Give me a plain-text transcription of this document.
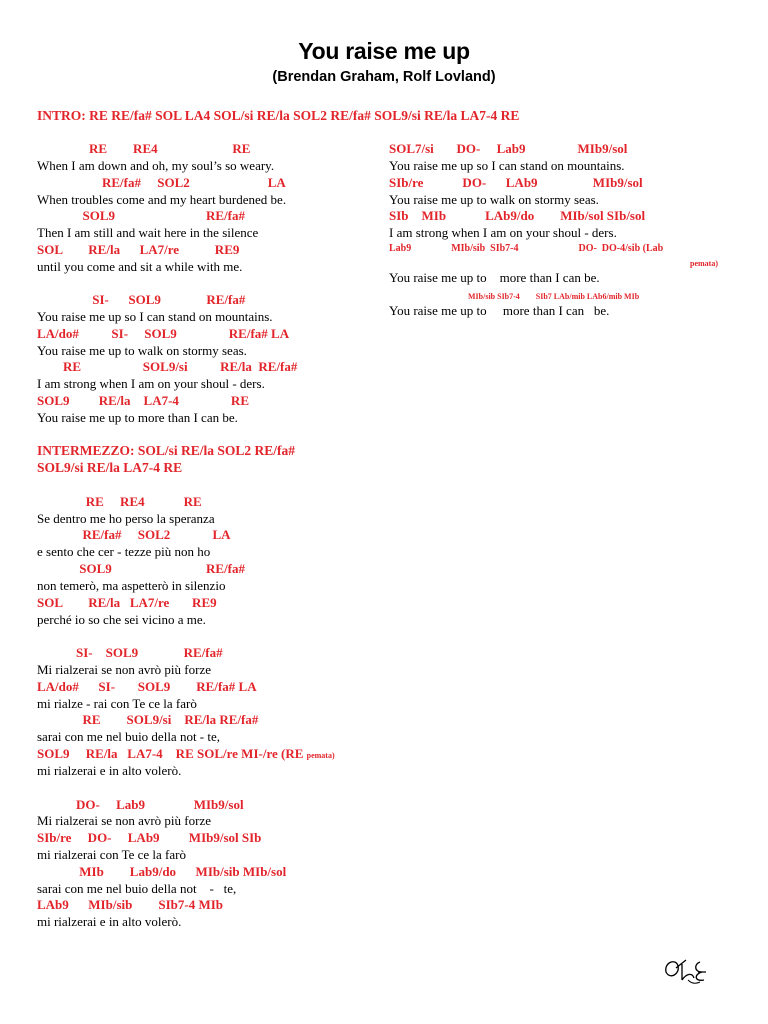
You raise me up
(Brendan Graham, Rolf Lovland)
INTRO: RE RE/fa# SOL LA4 SOL/si RE/la SOL2 RE/fa# SOL9/si RE/la LA7-4 RE
RE        RE4                       RE
When I am down and oh, my soul’s so weary.
RE/fa#     SOL2                        LA
When troubles come and my heart burdened be.
SOL9                            RE/fa#
Then I am still and wait here in the silence
SOL        RE/la      LA7/re           RE9
until you come and sit a while with me.
SI-      SOL9              RE/fa#
You raise me up so I can stand on mountains.
LA/do#          SI-     SOL9                RE/fa# LA
You raise me up to walk on stormy seas.
RE                   SOL9/si          RE/la  RE/fa#
I am strong when I am on your shoul - ders.
SOL9         RE/la    LA7-4                RE
You raise me up to more than I can be.
INTERMEZZO: SOL/si RE/la SOL2 RE/fa#
SOL9/si RE/la LA7-4 RE
RE     RE4            RE
Se dentro me ho perso la speranza
RE/fa#     SOL2             LA
e sento che cer - tezze più non ho
SOL9                             RE/fa#
non temerò, ma aspetterò in silenzio
SOL        RE/la   LA7/re       RE9
perché io so che sei vicino a me.
SI-    SOL9              RE/fa#
Mi rialzerai se non avrò più forze
LA/do#      SI-       SOL9        RE/fa# LA
mi rialze - rai con Te ce la farò
RE        SOL9/si    RE/la RE/fa#
sarai con me nel buio della not - te,
SOL9     RE/la   LA7-4    RE SOL/re MI-/re (RE pemata)
mi rialzerai e in alto volerò.
DO-     Lab9               MIb9/sol
Mi rialzerai se non avrò più forze
SIb/re     DO-     LAb9         MIb9/sol SIb
mi rialzerai con Te ce la farò
MIb        Lab9/do      MIb/sib MIb/sol
sarai con me nel buio della not    -   te,
LAb9      MIb/sib        SIb7-4 MIb
mi rialzerai e in alto volerò.
SOL7/si       DO-     Lab9                MIb9/sol
You raise me up so I can stand on mountains.
SIb/re            DO-      LAb9                 MIb9/sol
You raise me up to walk on stormy seas.
SIb    MIb            LAb9/do        MIb/sol SIb/sol
I am strong when I am on your shoul - ders.
Lab9                MIb/sib  SIb7-4                        DO-  DO-4/sib (Lab
pemata)
You raise me up to    more than I can be.
MIb/sib SIb7-4        SIb7 LAb/mib LAb6/mib MIb
You raise me up to     more than I can   be.
